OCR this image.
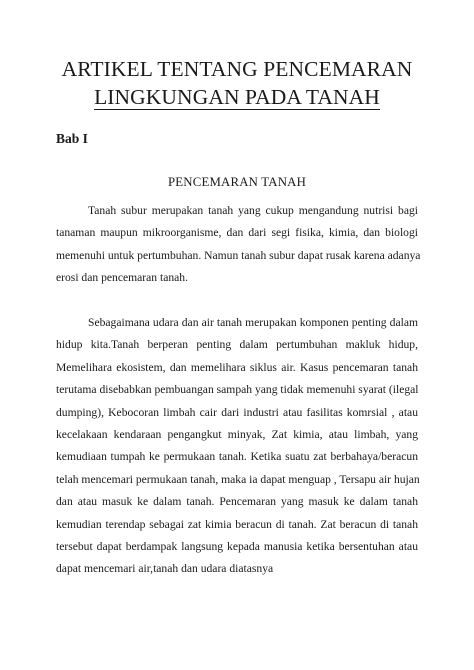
ARTIKEL TENTANG PENCEMARAN
LINGKUNGAN PADA TANAH

Bab I

PENCEMARAN TANAH

Tanah subur merupakan tanah yang cukup mengandung nutrisi bagi
tanaman maupun mikroorganisme, dan dari segi fisika, kimia, dan biologi
memenuhi untuk pertumbuhan. Namun tanah subur dapat rusak karena adanya
erosi dan pencemaran tanah.
Sebagaimana udara dan air tanah merupakan komponen penting dalam
hidup kita.Tanah berperan penting dalam pertumbuhan makluk hidup,
Memelihara ekosistem, dan memelihara siklus air. Kasus pencemaran tanah
terutama disebabkan pembuangan sampah yang tidak memenuhi syarat (ilegal
dumping), Kebocoran limbah cair dari industri atau fasilitas komrsial , atau
kecelakaan kendaraan pengangkut minyak, Zat kimia, atau limbah, yang
kemudiaan tumpah ke permukaan tanah. Ketika suatu zat berbahaya/beracun
telah mencemari permukaan tanah, maka ia dapat menguap , Tersapu air hujan
dan atau masuk ke dalam tanah. Pencemaran yang masuk ke dalam tanah
kemudian terendap sebagai zat kimia beracun di tanah. Zat beracun di tanah
tersebut dapat berdampak langsung kepada manusia ketika bersentuhan atau
dapat mencemari air,tanah dan udara diatasnya
